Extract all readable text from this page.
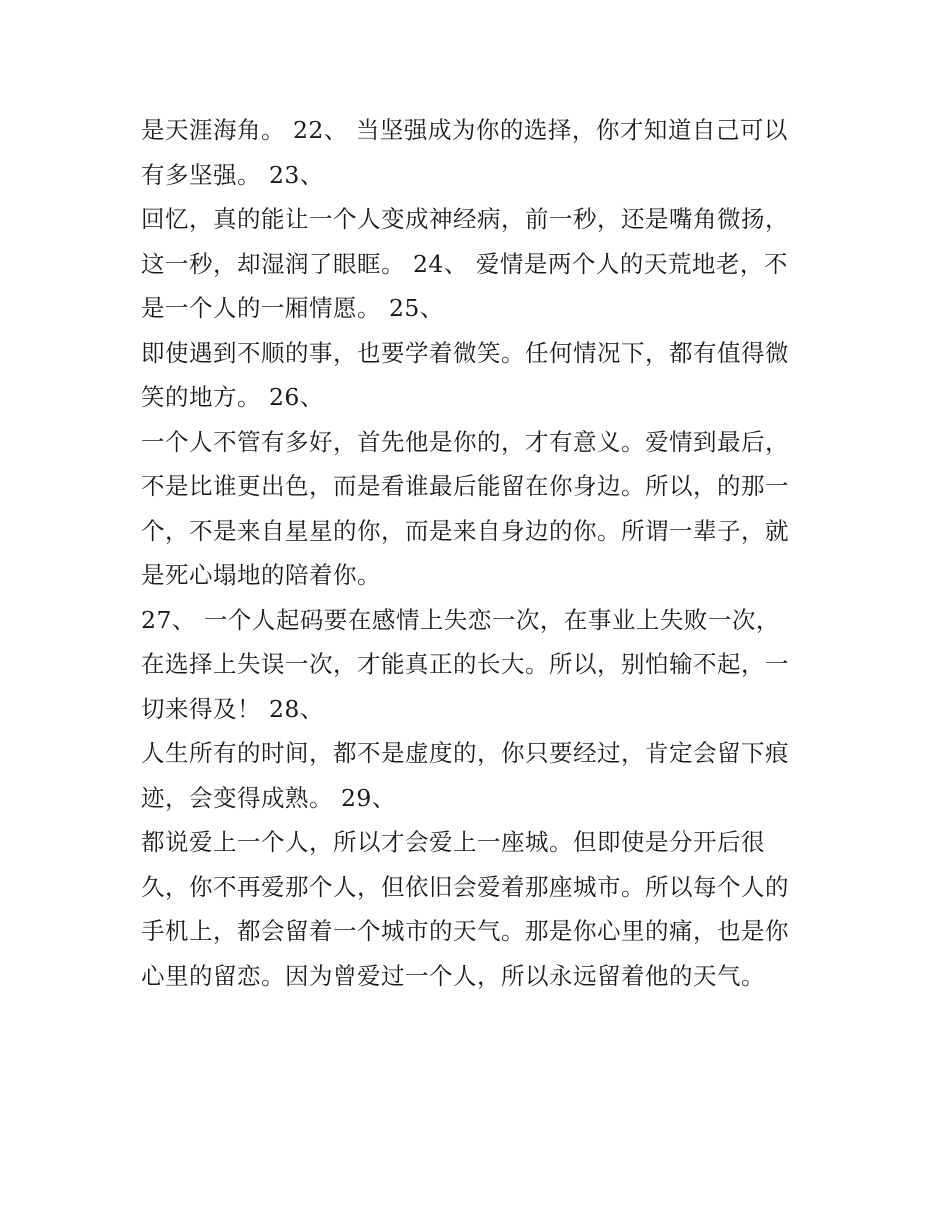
是天涯海角。 22、 当坚强成为你的选择，你才知道自己可以
有多坚强。 23、
回忆，真的能让一个人变成神经病，前一秒，还是嘴角微扬，
这一秒，却湿润了眼眶。 24、 爱情是两个人的天荒地老，不
是一个人的一厢情愿。 25、
即使遇到不顺的事，也要学着微笑。任何情况下，都有值得微
笑的地方。 26、
一个人不管有多好，首先他是你的，才有意义。爱情到最后，
不是比谁更出色，而是看谁最后能留在你身边。所以，的那一
个，不是来自星星的你，而是来自身边的你。所谓一辈子，就
是死心塌地的陪着你。
27、 一个人起码要在感情上失恋一次，在事业上失败一次，
在选择上失误一次，才能真正的长大。所以，别怕输不起，一
切来得及！ 28、
人生所有的时间，都不是虚度的，你只要经过，肯定会留下痕
迹，会变得成熟。 29、
都说爱上一个人，所以才会爱上一座城。但即使是分开后很
久，你不再爱那个人，但依旧会爱着那座城市。所以每个人的
手机上，都会留着一个城市的天气。那是你心里的痛，也是你
心里的留恋。因为曾爱过一个人，所以永远留着他的天气。
